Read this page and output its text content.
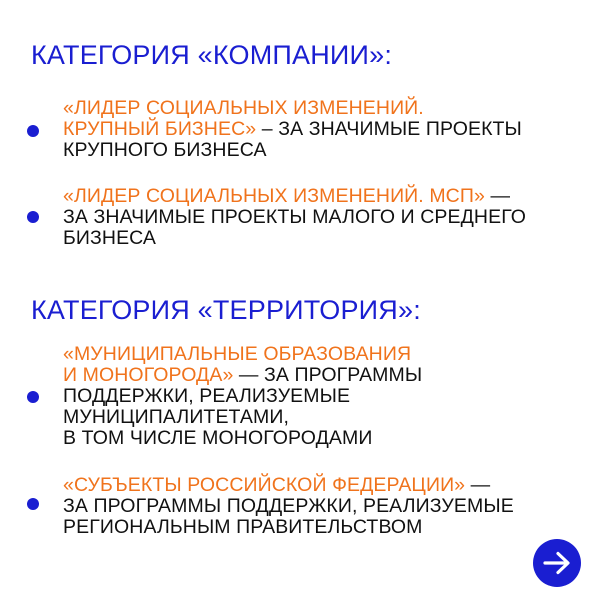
КАТЕГОРИЯ «КОМПАНИИ»:
«ЛИДЕР СОЦИАЛЬНЫХ ИЗМЕНЕНИЙ.
КРУПНЫЙ БИЗНЕС» – ЗА ЗНАЧИМЫЕ ПРОЕКТЫ
КРУПНОГО БИЗНЕСА
«ЛИДЕР СОЦИАЛЬНЫХ ИЗМЕНЕНИЙ. МСП» —
ЗА ЗНАЧИМЫЕ ПРОЕКТЫ МАЛОГО И СРЕДНЕГО
БИЗНЕСА
КАТЕГОРИЯ «ТЕРРИТОРИЯ»:
«МУНИЦИПАЛЬНЫЕ ОБРАЗОВАНИЯ
И МОНОГОРОДА» — ЗА ПРОГРАММЫ
ПОДДЕРЖКИ, РЕАЛИЗУЕМЫЕ
МУНИЦИПАЛИТЕТАМИ,
В ТОМ ЧИСЛЕ МОНОГОРОДАМИ
«СУБЪЕКТЫ РОССИЙСКОЙ ФЕДЕРАЦИИ» —
ЗА ПРОГРАММЫ ПОДДЕРЖКИ, РЕАЛИЗУЕМЫЕ
РЕГИОНАЛЬНЫМ ПРАВИТЕЛЬСТВОМ
